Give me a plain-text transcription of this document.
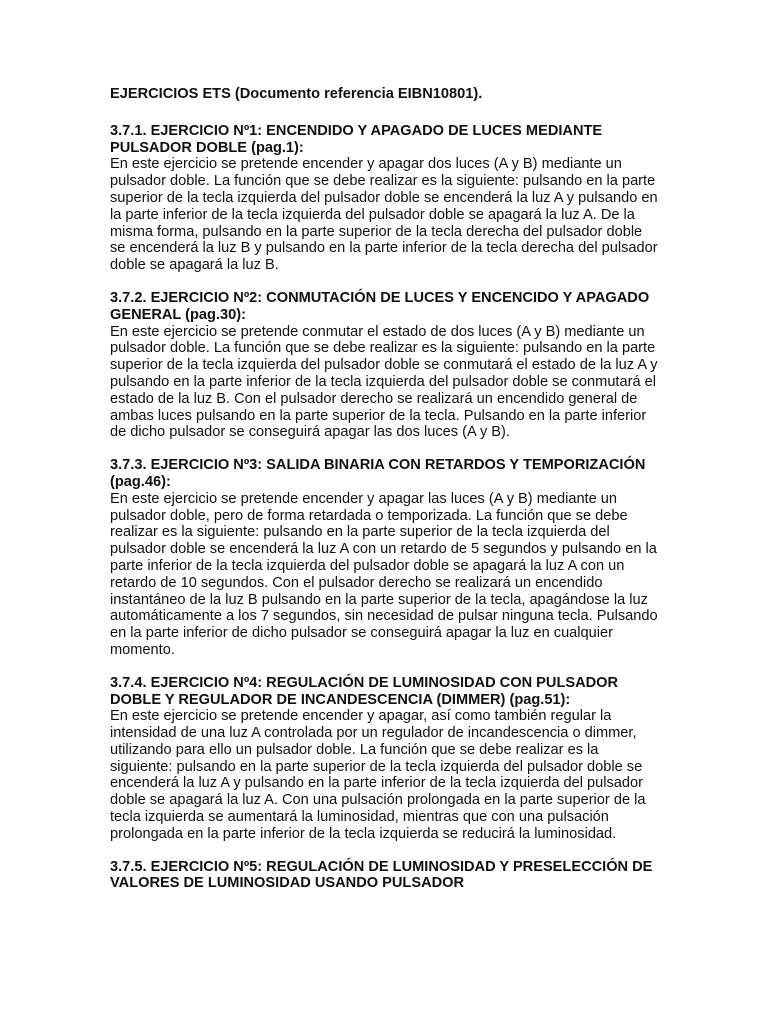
EJERCICIOS ETS (Documento referencia EIBN10801).

3.7.1. EJERCICIO Nº1: ENCENDIDO Y APAGADO DE LUCES MEDIANTE PULSADOR DOBLE (pag.1):

En este ejercicio se pretende encender y apagar dos luces (A y B) mediante un pulsador doble. La función que se debe realizar es la siguiente: pulsando en la parte superior de la tecla izquierda del pulsador doble se encenderá la luz A y pulsando en la parte inferior de la tecla izquierda del pulsador doble se apagará la luz A. De la misma forma, pulsando en la parte superior de la tecla derecha del pulsador doble se encenderá la luz B y pulsando en la parte inferior de la tecla derecha del pulsador doble se apagará la luz B.

3.7.2. EJERCICIO Nº2: CONMUTACIÓN DE LUCES Y ENCENCIDO Y APAGADO GENERAL (pag.30):

En este ejercicio se pretende conmutar el estado de dos luces (A y B) mediante un pulsador doble. La función que se debe realizar es la siguiente: pulsando en la parte superior de la tecla izquierda del pulsador doble se conmutará el estado de la luz A y pulsando en la parte inferior de la tecla izquierda del pulsador doble se conmutará el estado de la luz B. Con el pulsador derecho se realizará un encendido general de ambas luces pulsando en la parte superior de la tecla. Pulsando en la parte inferior de dicho pulsador se conseguirá apagar las dos luces (A y B).

3.7.3. EJERCICIO Nº3: SALIDA BINARIA CON RETARDOS Y TEMPORIZACIÓN (pag.46):

En este ejercicio se pretende encender y apagar las luces (A y B) mediante un pulsador doble, pero de forma retardada o temporizada. La función que se debe realizar es la siguiente: pulsando en la parte superior de la tecla izquierda del pulsador doble se encenderá la luz A con un retardo de 5 segundos y pulsando en la parte inferior de la tecla izquierda del pulsador doble se apagará la luz A con un retardo de 10 segundos. Con el pulsador derecho se realizará un encendido instantáneo de la luz B pulsando en la parte superior de la tecla, apagándose la luz automáticamente a los 7 segundos, sin necesidad de pulsar ninguna tecla. Pulsando en la parte inferior de dicho pulsador se conseguirá apagar la luz en cualquier momento.

3.7.4. EJERCICIO Nº4: REGULACIÓN DE LUMINOSIDAD CON PULSADOR DOBLE Y REGULADOR DE INCANDESCENCIA (DIMMER) (pag.51):

En este ejercicio se pretende encender y apagar, así como también regular la intensidad de una luz A controlada por un regulador de incandescencia o dimmer, utilizando para ello un pulsador doble. La función que se debe realizar es la siguiente: pulsando en la parte superior de la tecla izquierda del pulsador doble se encenderá la luz A y pulsando en la parte inferior de la tecla izquierda del pulsador doble se apagará la luz A. Con una pulsación prolongada en la parte superior de la tecla izquierda se aumentará la luminosidad, mientras que con una pulsación prolongada en la parte inferior de la tecla izquierda se reducirá la luminosidad.

3.7.5. EJERCICIO Nº5: REGULACIÓN DE LUMINOSIDAD Y PRESELECCIÓN DE VALORES DE LUMINOSIDAD USANDO PULSADOR
